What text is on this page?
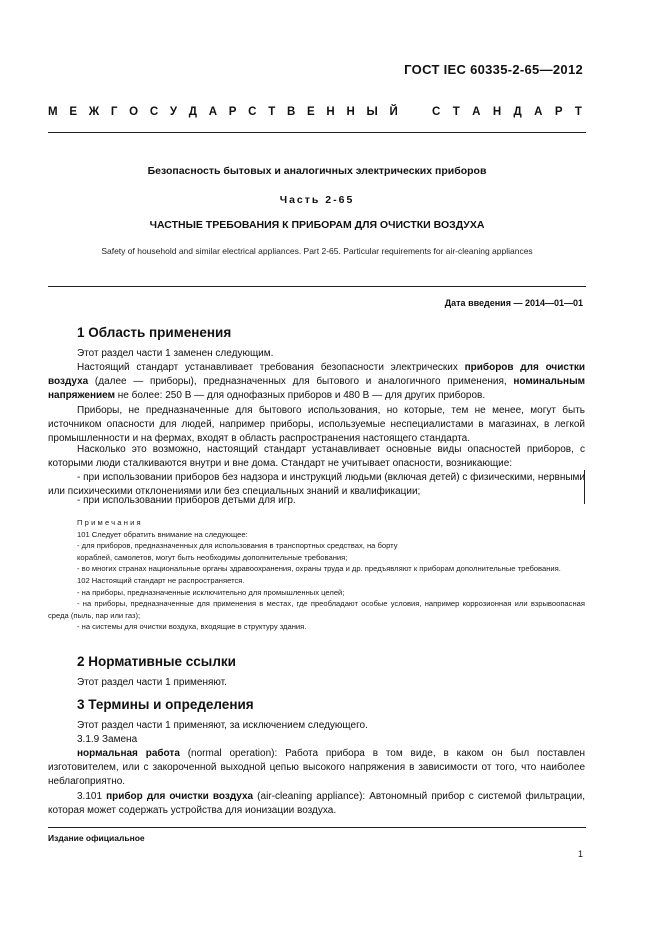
ГОСТ IEC 60335-2-65—2012
М Е Ж Г О С У Д А Р С Т В Е Н Н Ы Й	С Т А Н Д А Р Т
Безопасность бытовых и аналогичных электрических приборов
Часть 2-65
ЧАСТНЫЕ ТРЕБОВАНИЯ К ПРИБОРАМ ДЛЯ ОЧИСТКИ ВОЗДУХА
Safety of household and similar electrical appliances. Part 2-65. Particular requirements for air-cleaning appliances
Дата введения — 2014—01—01
1 Область применения
Этот раздел части 1 заменен следующим.
Настоящий стандарт устанавливает требования безопасности электрических приборов для очистки воздуха (далее — приборы), предназначенных для бытового и аналогичного применения, номинальным напряжением не более: 250 В — для однофазных приборов и 480 В — для других приборов.
Приборы, не предназначенные для бытового использования, но которые, тем не менее, могут быть источником опасности для людей, например приборы, используемые неспециалистами в магазинах, в легкой промышленности и на фермах, входят в область распространения настоящего стандарта.
Насколько это возможно, настоящий стандарт устанавливает основные виды опасностей приборов, с которыми люди сталкиваются внутри и вне дома. Стандарт не учитывает опасности, возникающие:
- при использовании приборов без надзора и инструкций людьми (включая детей) с физическими, нервными или психическими отклонениями или без специальных знаний и квалификации;
- при использовании приборов детьми для игр.
Примечания
101 Следует обратить внимание на следующее:
- для приборов, предназначенных для использования в транспортных средствах, на борту
кораблей, самолетов, могут быть необходимы дополнительные требования;
- во многих странах национальные органы здравоохранения, охраны труда и др. предъявляют к приборам дополнительные требования.
102 Настоящий стандарт не распространяется.
- на приборы, предназначенные исключительно для промышленных целей;
- на приборы, предназначенные для применения в местах, где преобладают особые условия, например коррозионная или взрывоопасная среда (пыль, пар или газ);
- на системы для очистки воздуха, входящие в структуру здания.
2 Нормативные ссылки
Этот раздел части 1 применяют.
3 Термины и определения
Этот раздел части 1 применяют, за исключением следующего.
3.1.9 Замена
нормальная работа (normal operation): Работа прибора в том виде, в каком он был поставлен изготовителем, или с закороченной выходной цепью высокого напряжения в зависимости от того, что наиболее неблагоприятно.
3.101 прибор для очистки воздуха (air-cleaning appliance): Автономный прибор с системой фильтрации, которая может содержать устройства для ионизации воздуха.
Издание официальное
1
